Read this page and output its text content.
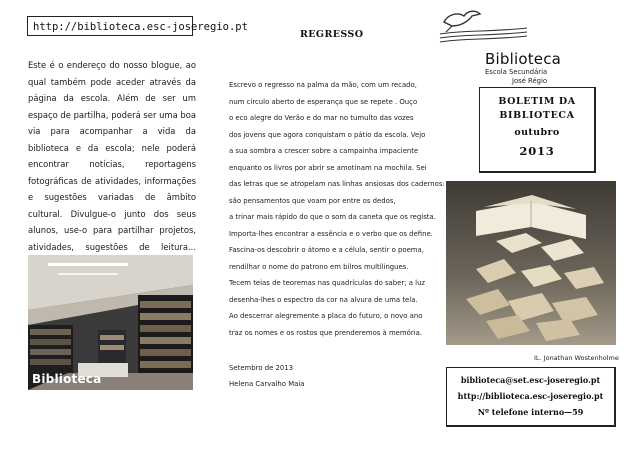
http://biblioteca.esc-joseregio.pt
Este é o endereço do nosso blogue, ao qual também pode aceder através da página da escola. Além de ser um espaço de partilha, poderá ser uma boa via para acompanhar a vida da biblioteca e da escola; nele poderá encontrar notícias, reportagens fotográficas de atividades, informações e sugestões variadas de âmbito cultural. Divulgue-o junto dos seus alunos, use-o para partilhar projetos, atividades, sugestões de leitura...
Biblioteca
REGRESSO
Escrevo o regresso na palma da mão, com um recado,
num círculo aberto de esperança que se repete . Ouço
o eco alegre do Verão e do mar no tumulto das vozes
dos jovens que agora conquistam o pátio da escola. Vejo
a sua sombra a crescer sobre a campainha impaciente
enquanto os livros por abrir se amotinam na mochila. Sei
das letras que se atropelam nas linhas ansiosas dos cadernos:
são pensamentos que voam por entre os dedos,
a trinar mais rápido do que o som da caneta que os regista.
Importa-lhes encontrar a essência e o verbo que os define.
Fascina-os descobrir o átomo e a célula, sentir o poema,
rendilhar o nome do patrono em bilros multilingues.
Tecem teias de teoremas nas quadrículas do saber; a luz
desenha-lhes o espectro da cor na alvura de uma tela.
Ao descerrar alegremente a placa do futuro, o novo ano
traz os nomes e os rostos que prenderemos à memória.
Setembro de 2013
Helena Carvalho Maia
Biblioteca
Escola Secundária
José Régio
BOLETIM DA
BIBLIOTECA
outubro
2013
IL. Jonathan Wostenholme
biblioteca@set.esc-joseregio.pt
http://biblioteca.esc-joseregio.pt
Nº telefone interno—59
